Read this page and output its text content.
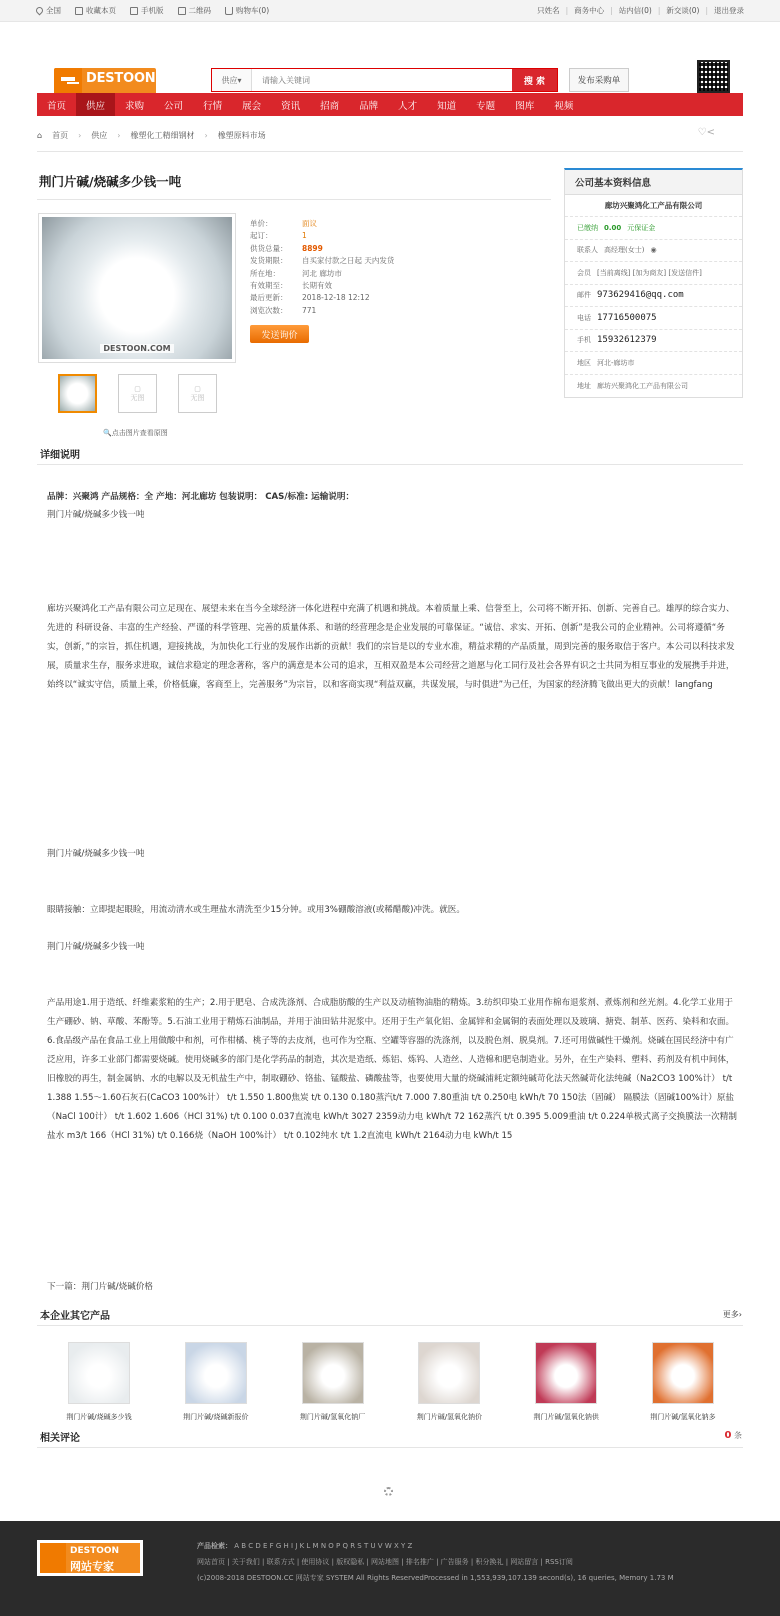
全国	收藏本页	手机版	二维码	购物车(0)	只姓名 | 商务中心 | 站内信(0) | 新交谈(0) | 退出登录
DESTOON	供应 ▾
请输入关键词	搜 索	发布采购单
首页	供应	求购	公司	行情	展会	资讯	招商	品牌	人才	知道	专题	图库	视频
⌂ 首页 › 供应 › 橡塑化工精细钢材 › 橡塑原料市场	♡<
荆门片碱/烧碱多少钱一吨
DESTOON.COM
▢
无图
▢
无图
🔍点击图片查看原图
单价：	面议
起订：	1
供货总量：	8899
发货期限：	自买家付款之日起 天内发货
所在地：	河北 廊坊市
有效期至：	长期有效
最后更新：	2018-12-18 12:12
浏览次数：	771
发送询价
公司基本资料信息
廊坊兴聚鸿化工产品有限公司
已缴纳 0.00 元保证金
联系人 高经理(女士) ◉
会员 [当前离线] [加为商友] [发送信件]
邮件 973629416@qq.com
电话 17716500075
手机 15932612379
地区 河北-廊坊市
地址 廊坊兴聚鸿化工产品有限公司
详细说明
品牌：兴聚鸿 产品规格：全 产地：河北廊坊 包装说明： CAS/标准: 运输说明：
荆门片碱/烧碱多少钱一吨
廊坊兴聚鸿化工产品有限公司立足现在、展望未来在当今全球经济一体化进程中充满了机遇和挑战。本着质量上乘、信誉至上，公司将不断开拓、创新、完善自己。雄厚的综合实力、先进的 科研设备、丰富的生产经验、严谨的科学管理、完善的质量体系、和谐的经营理念是企业发展的可靠保证。“诚信、求实、开拓、创新”是我公司的企业精神。公司将遵循“务实，创新，”的宗旨，抓住机遇，迎接挑战，为加快化工行业的发展作出新的贡献！我们的宗旨是以的专业水准，精益求精的产品质量，周到完善的服务取信于客户。本公司以科技求发展，质量求生存，服务求进取，诚信求稳定的理念著称，客户的满意是本公司的追求，互相双盈是本公司经营之道愿与化工同行及社会各界有识之士共同为相互事业的发展携手并进，始终以“诚实守信，质量上乘，价格低廉，客商至上，完善服务”为宗旨，以和客商实现“利益双赢，共谋发展，与时俱进”为己任，为国家的经济腾飞做出更大的贡献！langfang
荆门片碱/烧碱多少钱一吨
眼睛接触：立即提起眼睑，用流动清水或生理盐水清洗至少15分钟。或用3%硼酸溶液(或稀醋酸)冲洗。就医。
荆门片碱/烧碱多少钱一吨
产品用途1.用于造纸、纤维素浆粕的生产；2.用于肥皂、合成洗涤剂、合成脂肪酸的生产以及动植物油脂的精炼。3.纺织印染工业用作棉布退浆剂、煮炼剂和丝光剂。4.化学工业用于生产硼砂、钠、草酸、苯酚等。5.石油工业用于精炼石油制品，并用于油田钻井泥浆中。还用于生产氧化铝、金属锌和金属铜的表面处理以及玻璃、搪瓷、制革、医药、染料和农面。6.食品级产品在食品工业上用做酸中和剂，可作柑橘、桃子等的去皮剂，也可作为空瓶、空罐等容器的洗涤剂，以及脱色剂、脱臭剂。7.还可用做碱性干燥剂。烧碱在国民经济中有广泛应用，许多工业部门都需要烧碱。使用烧碱多的部门是化学药品的制造，其次是造纸、炼铝、炼钨、人造丝、人造棉和肥皂制造业。另外，在生产染料、塑料、药剂及有机中间体，旧橡胶的再生，制金属钠、水的电解以及无机盐生产中，制取硼砂、铬盐、锰酸盐、磷酸盐等，也要使用大量的烧碱浦耗定额纯碱苛化法天然碱苛化法纯碱（Na2CO3 100%计） t/t 1.388 1.55～1.60石灰石(CaCO3 100%计） t/t 1.550 1.800焦炭 t/t 0.130 0.180蒸汽t/t 7.000 7.80重油 t/t 0.250电 kWh/t 70 150法（固碱） 隔膜法（固碱100%计）原盐（NaCl 100计） t/t 1.602 1.606（HCl 31%) t/t 0.100 0.037直流电 kWh/t 3027 2359动力电 kWh/t 72 162蒸汽 t/t 0.395 5.009重油 t/t 0.224单极式离子交换膜法一次精制盐水 m3/t 166（HCl 31%) t/t 0.166烧（NaOH 100%计） t/t 0.102纯水 t/t 1.2直流电 kWh/t 2164动力电 kWh/t 15
下一篇：荆门片碱/烧碱价格
本企业其它产品	更多›
荆门片碱/烧碱多少钱	荆门片碱/烧碱新报价	荆门片碱/氢氧化钠厂	荆门片碱/氢氧化钠价	荆门片碱/氢氧化钠供	荆门片碱/氢氧化钠多
相关评论	0 条
DESTOON
网站专家
产品检索： A B C D E F G H I J K L M N O P Q R S T U V W X Y Z
网站首页 | 关于我们 | 联系方式 | 使用协议 | 版权隐私 | 网站地图 | 排名推广 | 广告服务 | 积分换礼 | 网站留言 | RSS订阅
(c)2008-2018 DESTOON.CC 网站专家 SYSTEM All Rights ReservedProcessed in 1,553,939,107.139 second(s), 16 queries, Memory 1.73 M
